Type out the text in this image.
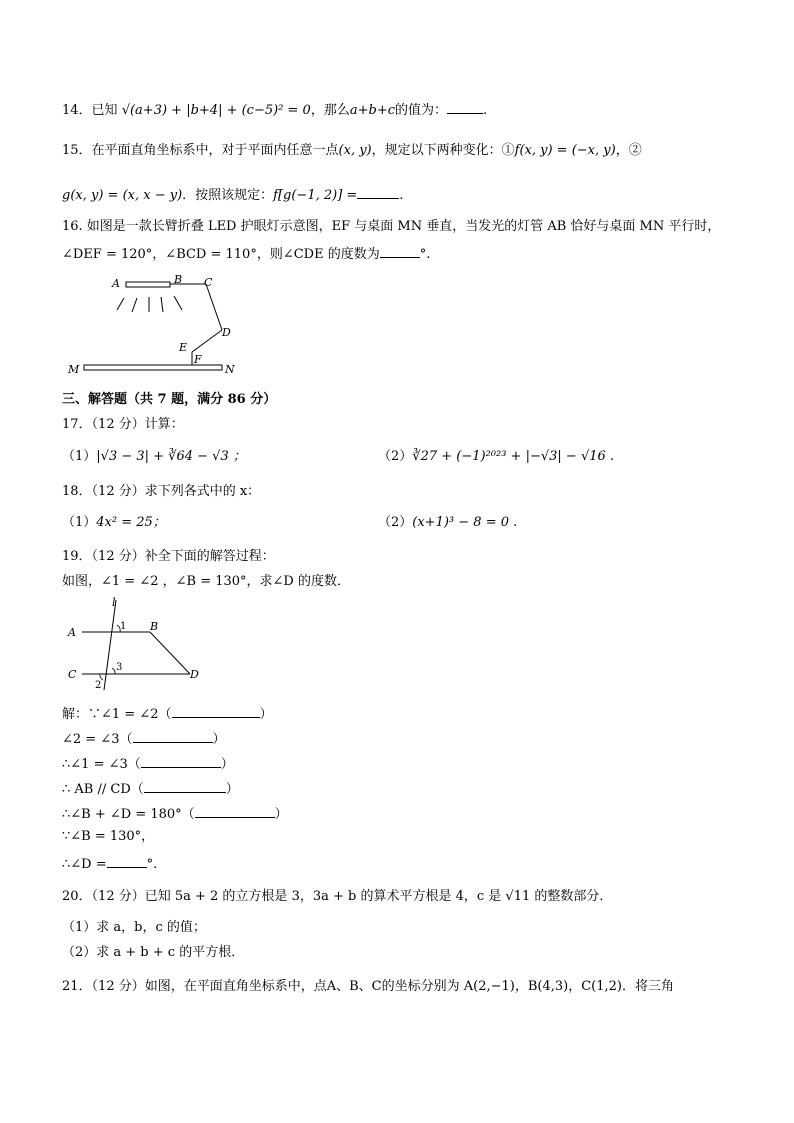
14．已知 √(a+3) + |b+4| + (c−5)² = 0，那么a+b+c的值为：	.
15．在平面直角坐标系中，对于平面内任意一点(x, y)，规定以下两种变化：①f(x, y) = (−x, y)，②
g(x, y) = (x, x − y)．按照该规定：f[g(−1, 2)] =	.
16. 如图是一款长臂折叠 LED 护眼灯示意图，EF 与桌面 MN 垂直，当发光的灯管 AB 恰好与桌面 MN 平行时，
∠DEF = 120°，∠BCD = 110°，则∠CDE 的度数为	°.
A	B C
D
E
F
M	N
三、解答题（共 7 题，满分 86 分）
17．（12 分）计算：
（1）|√3 − 3| + ∛64 − √3 ；	（2）∛27 + (−1)²⁰²³ + |−√3| − √16 .
18．（12 分）求下列各式中的 x：
（1）4x² = 25；	（2）(x+1)³ − 8 = 0 .
19．（12 分）补全下面的解答过程：
如图，∠1 = ∠2 ，∠B = 130°，求∠D 的度数．
l
A	B
1
C
3
D
2
解：∵∠1 = ∠2（	）
∠2 = ∠3（	）
∴∠1 = ∠3（	）
∴ AB // CD（	）
∴∠B + ∠D = 180°（	）
∵∠B = 130°，
∴∠D =	°.
20．（12 分）已知 5a + 2 的立方根是 3，3a + b 的算术平方根是 4，c 是 √11 的整数部分．
（1）求 a，b，c 的值；
（2）求 a + b + c 的平方根．
21．（12 分）如图，在平面直角坐标系中，点A、B、C的坐标分别为 A(2,−1)，B(4,3)，C(1,2)．将三角
